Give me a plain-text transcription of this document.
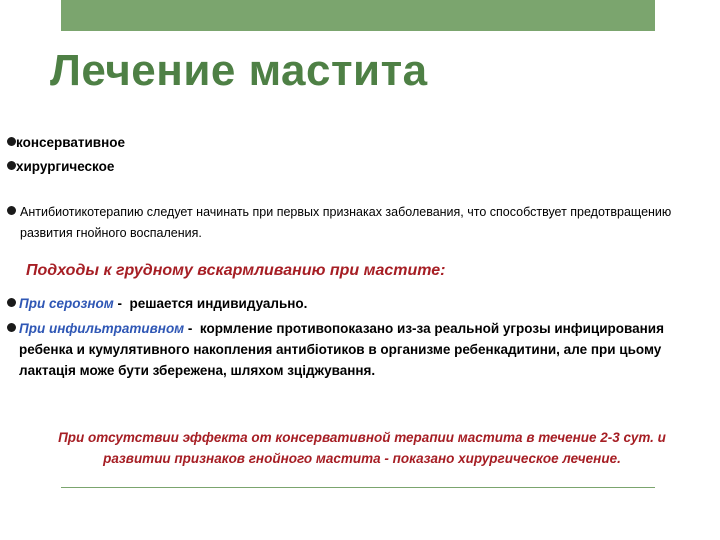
Лечение мастита
консервативное
хирургическое
Антибиотикотерапию следует начинать при первых признаках заболевания, что способствует предотвращению развития гнойного воспаления.
Подходы к грудному вскармливанию при мастите:
При серозном -  решается индивидуально.
При инфильтративном -  кормление противопоказано из-за реальной угрозы инфицирования ребенка и кумулятивного накопления антибіотиков в организме ребенкадитини, але при цьому лактація може бути збережена, шляхом зціджування.

При отсутствии эффекта от консервативной терапии мастита в течение 2-3 сут. и развитии признаков гнойного мастита - показано хирургическое лечение.
